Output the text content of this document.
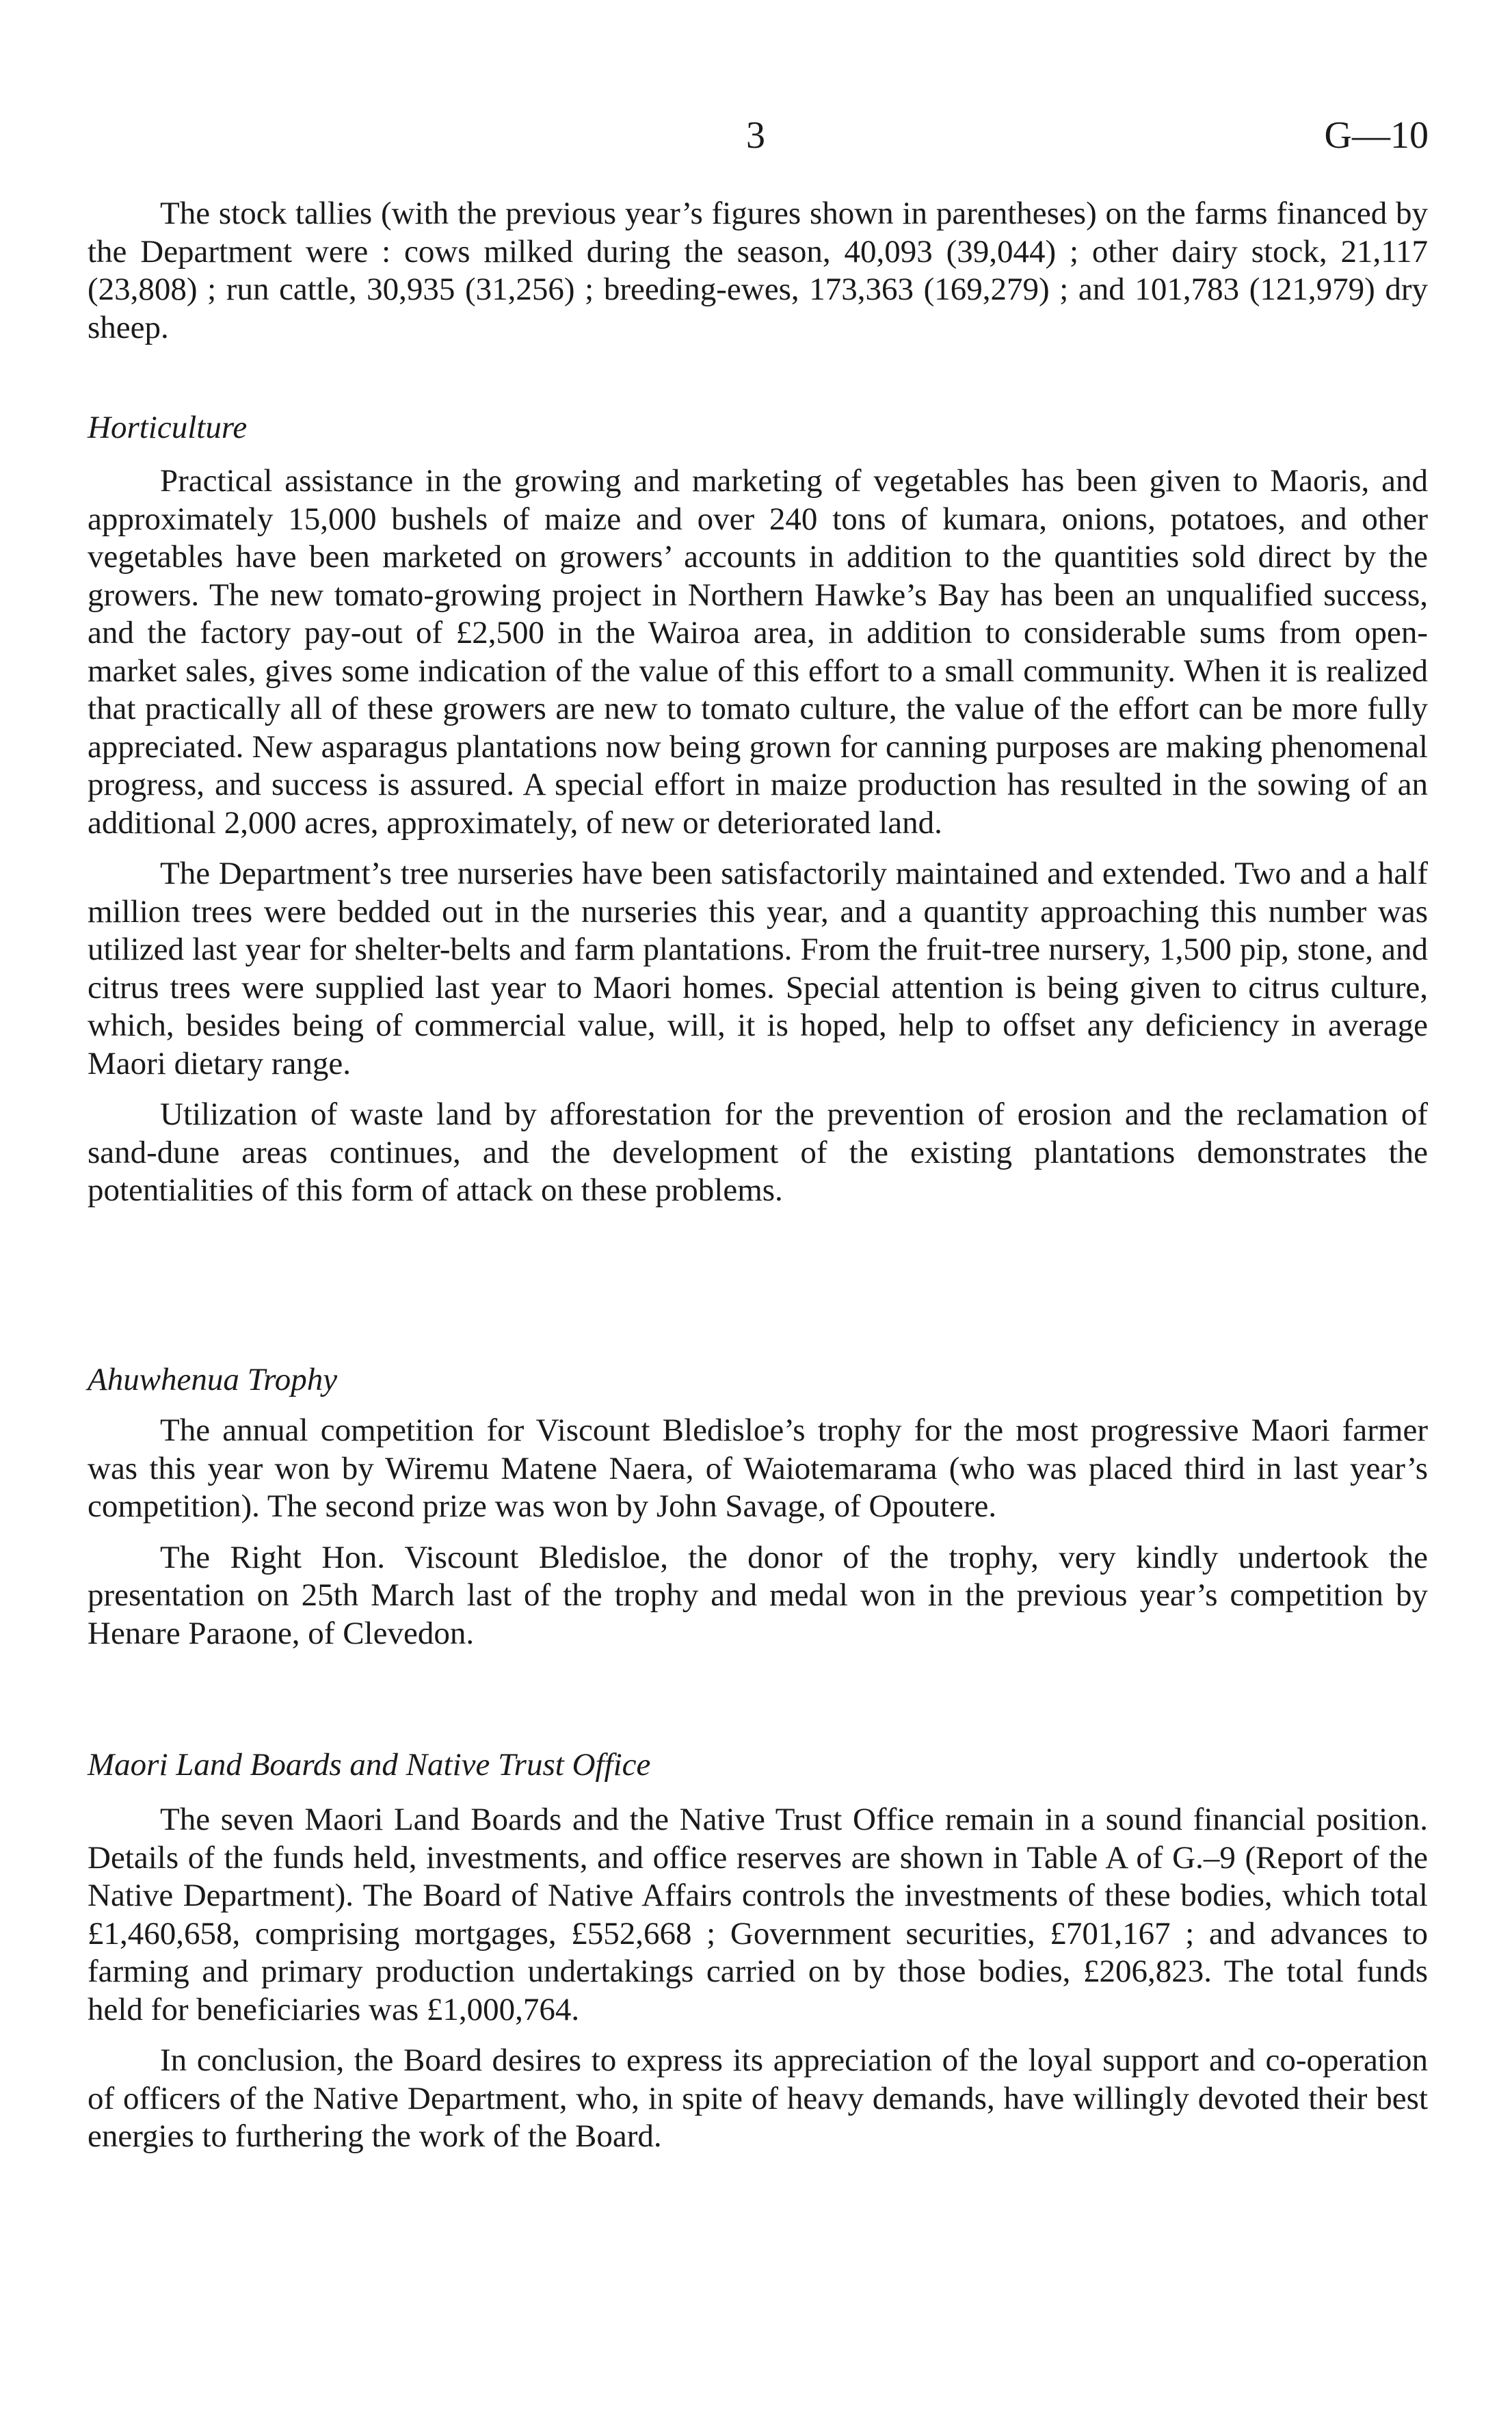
3	G—10

The stock tallies (with the previous year’s figures shown in parentheses) on the farms financed by the Department were : cows milked during the season, 40,093 (39,044) ; other dairy stock, 21,117 (23,808) ; run cattle, 30,935 (31,256) ; breeding-ewes, 173,363 (169,279) ; and 101,783 (121,979) dry sheep.

Horticulture

Practical assistance in the growing and marketing of vegetables has been given to Maoris, and approximately 15,000 bushels of maize and over 240 tons of kumara, onions, potatoes, and other vegetables have been marketed on growers’ accounts in addition to the quantities sold direct by the growers. The new tomato-growing project in Northern Hawke’s Bay has been an unqualified success, and the factory pay-out of £2,500 in the Wairoa area, in addition to considerable sums from open-market sales, gives some indication of the value of this effort to a small community. When it is realized that practically all of these growers are new to tomato culture, the value of the effort can be more fully appreciated. New asparagus plantations now being grown for canning purposes are making phenomenal progress, and success is assured. A special effort in maize production has resulted in the sowing of an additional 2,000 acres, approximately, of new or deteriorated land.

The Department’s tree nurseries have been satisfactorily maintained and extended. Two and a half million trees were bedded out in the nurseries this year, and a quantity approaching this number was utilized last year for shelter-belts and farm plantations. From the fruit-tree nursery, 1,500 pip, stone, and citrus trees were supplied last year to Maori homes. Special attention is being given to citrus culture, which, besides being of commercial value, will, it is hoped, help to offset any deficiency in average Maori dietary range.

Utilization of waste land by afforestation for the prevention of erosion and the reclamation of sand-dune areas continues, and the development of the existing plantations demonstrates the potentialities of this form of attack on these problems.

Ahuwhenua Trophy

The annual competition for Viscount Bledisloe’s trophy for the most progressive Maori farmer was this year won by Wiremu Matene Naera, of Waiotemarama (who was placed third in last year’s competition). The second prize was won by John Savage, of Opoutere.

The Right Hon. Viscount Bledisloe, the donor of the trophy, very kindly undertook the presentation on 25th March last of the trophy and medal won in the previous year’s competition by Henare Paraone, of Clevedon.

Maori Land Boards and Native Trust Office

The seven Maori Land Boards and the Native Trust Office remain in a sound financial position. Details of the funds held, investments, and office reserves are shown in Table A of G.–9 (Report of the Native Department). The Board of Native Affairs controls the investments of these bodies, which total £1,460,658, comprising mortgages, £552,668 ; Government securities, £701,167 ; and advances to farming and primary production undertakings carried on by those bodies, £206,823. The total funds held for beneficiaries was £1,000,764.

In conclusion, the Board desires to express its appreciation of the loyal support and co-operation of officers of the Native Department, who, in spite of heavy demands, have willingly devoted their best energies to furthering the work of the Board.
